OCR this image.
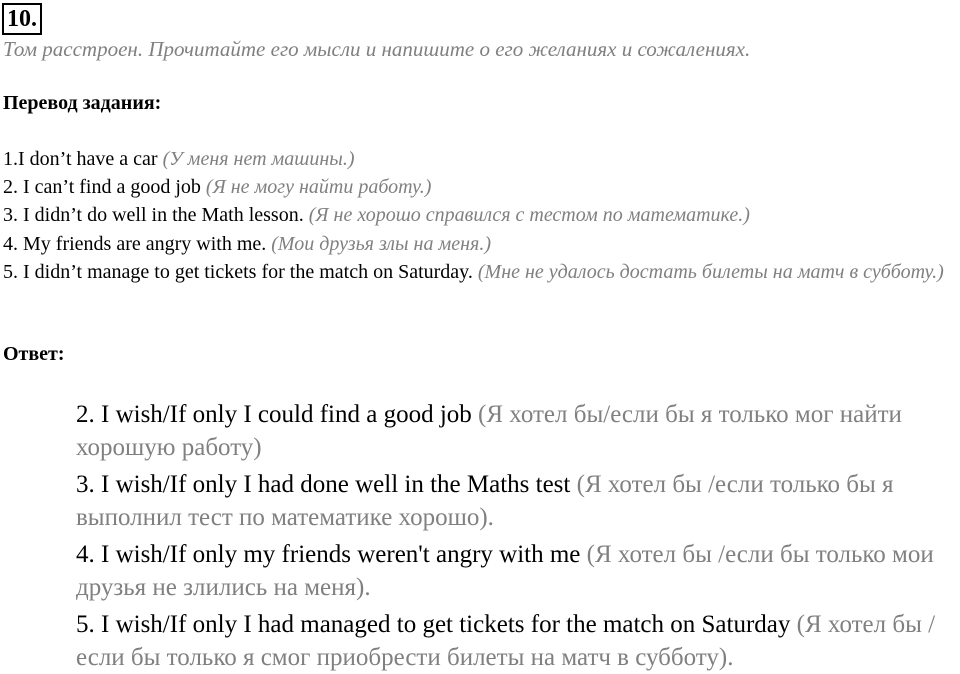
10.
Том расстроен. Прочитайте его мысли и напишите о его желаниях и сожалениях.
Перевод задания:
1.I don’t have a car (У меня нет машины.)
2. I can’t find a good job (Я не могу найти работу.)
3. I didn’t do well in the Math lesson. (Я не хорошо справился с тестом по математике.)
4. My friends are angry with me. (Мои друзья злы на меня.)
5. I didn’t manage to get tickets for the match on Saturday. (Мне не удалось достать билеты на матч в субботу.)
Ответ:
2. I wish/If only I could find a good job (Я хотел бы/если бы я только мог найти хорошую работу)
3. I wish/If only I had done well in the Maths test (Я хотел бы /если только бы я выполнил тест по математике хорошо).
4. I wish/If only my friends weren't angry with me (Я хотел бы /если бы только мои друзья не злились на меня).
5. I wish/If only I had managed to get tickets for the match on Saturday (Я хотел бы /если бы только я смог приобрести билеты на матч в субботу).
